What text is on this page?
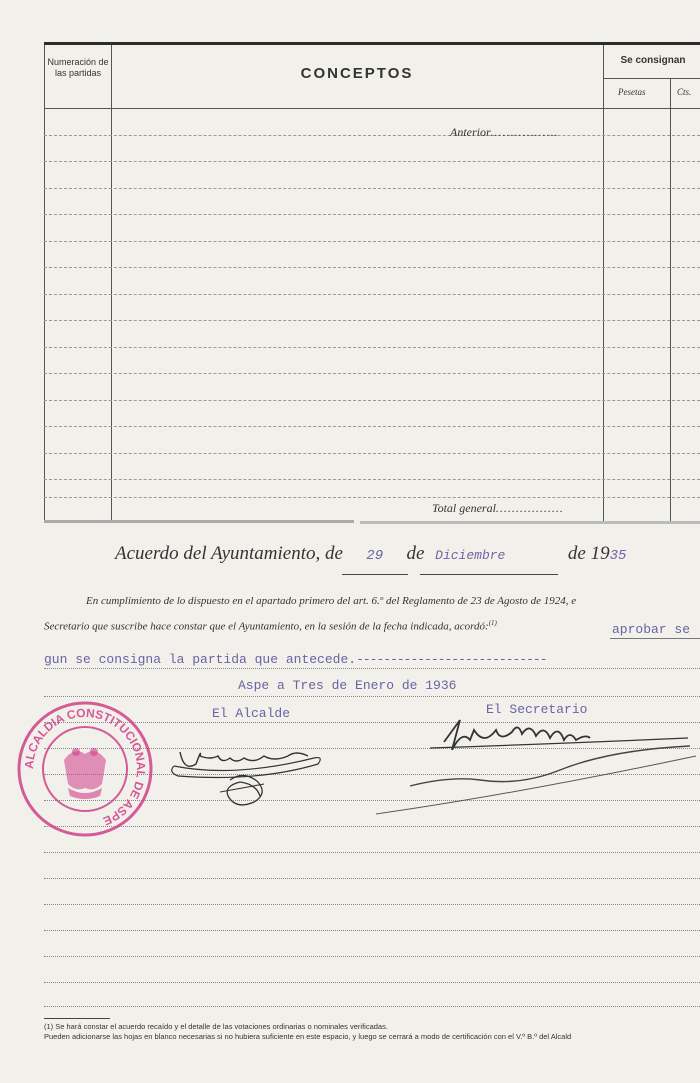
Numeración de las partidas	CONCEPTOS
Se consignan
Pesetas	Cts.
Anterior.................
Total general.................
Acuerdo del Ayuntamiento, de 29 de Diciembre	de 1935
En cumplimiento de lo dispuesto en el apartado primero del art. 6.º del Reglamento de 23 de Agosto de 1924, e
Secretario que suscribe hace constar que el Ayuntamiento, en la sesión de la fecha indicada, acordó:$^{(1)}$	aprobar se
gun se consigna la partida que antecede.----------------------------
Aspe a Tres de Enero de 1936
El Alcalde	El Secretario
ALCALDIA CONSTITUCIONAL DE ASPE
(1) Se hará constar el acuerdo recaído y el detalle de las votaciones ordinarias o nominales verificadas.
Pueden adicionarse las hojas en blanco necesarias si no hubiera suficiente en este espacio, y luego se cerrará a modo de certificación con el V.º B.º del Alcald
